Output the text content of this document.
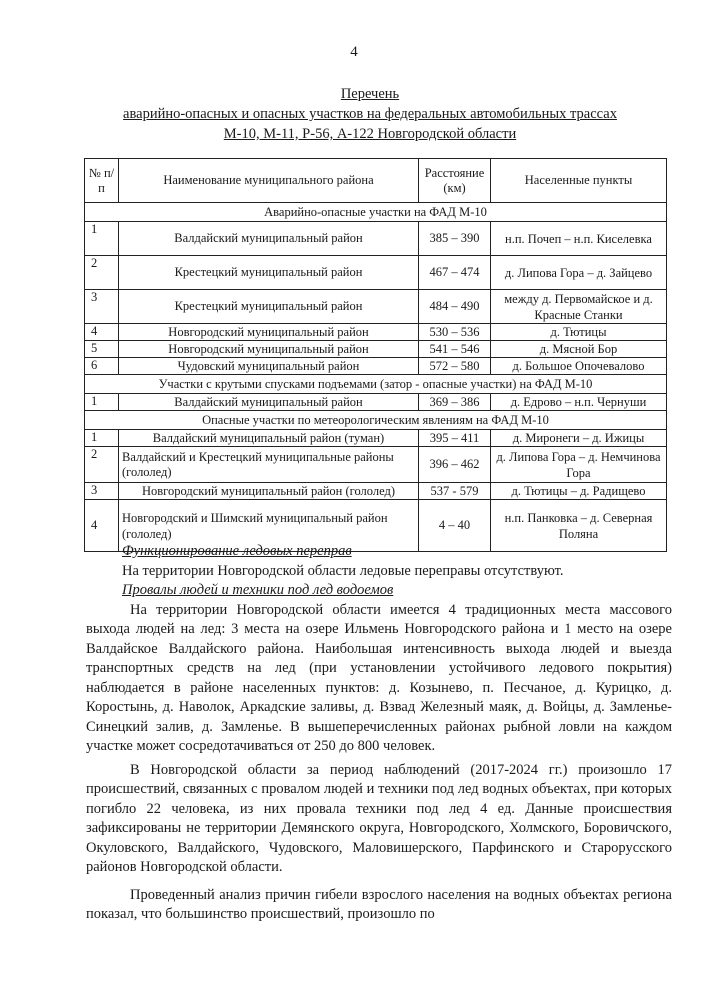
4
Перечень
аварийно-опасных и опасных участков на федеральных автомобильных трассах
М-10, М-11, Р-56, А-122 Новгородской области
№ п/п	Наименование муниципального района	Расстояние (км)	Населенные пункты
Аварийно-опасные участки на ФАД М-10			
1	Валдайский муниципальный район	385 – 390	н.п. Почеп – н.п. Киселевка
2	Крестецкий муниципальный район	467 – 474	д. Липова Гора – д. Зайцево
3	Крестецкий муниципальный район	484 – 490	между д. Первомайское и д. Красные Станки
4	Новгородский муниципальный район	530 – 536	д. Тютицы
5	Новгородский муниципальный район	541 – 546	д. Мясной Бор
6	Чудовский муниципальный район	572 – 580	д. Большое Опочевалово
Участки с крутыми спусками подъемами (затор - опасные участки) на ФАД М-10			
1	Валдайский муниципальный район	369 – 386	д. Едрово – н.п. Чернуши
Опасные участки по метеорологическим явлениям на ФАД М-10			
1	Валдайский муниципальный район (туман)	395 – 411	д. Миронеги – д. Ижицы
2	Валдайский и Крестецкий муниципальные районы (гололед)	396 – 462	д. Липова Гора – д. Немчинова Гора
3	Новгородский муниципальный район (гололед)	537 - 579	д. Тютицы – д. Радищево
4	Новгородский и Шимский муниципальный район (гололед)	4 – 40	н.п. Панковка – д. Северная Поляна
Функционирование ледовых переправ
На территории Новгородской области ледовые переправы отсутствуют.
Провалы людей и техники под лед водоемов

На территории Новгородской области имеется 4 традиционных места массового выхода людей на лед: 3 места на озере Ильмень Новгородского района и 1 место на озере Валдайское Валдайского района. Наибольшая интенсивность выхода людей и выезда транспортных средств на лед (при установлении устойчивого ледового покрытия) наблюдается в районе населенных пунктов: д. Козынево, п. Песчаное, д. Курицко, д. Коростынь, д. Наволок, Аркадские заливы, д. Взвад Железный маяк, д. Войцы, д. Замленье-Синецкий залив, д. Замленье. В вышеперечисленных районах рыбной ловли на каждом участке может сосредотачиваться от 250 до 800 человек.

В Новгородской области за период наблюдений (2017-2024 гг.) произошло 17 происшествий, связанных с провалом людей и техники под лед водных объектах, при которых погибло 22 человека, из них провала техники под лед 4 ед. Данные происшествия зафиксированы не территории Демянского округа, Новгородского, Холмского, Боровичского, Окуловского, Валдайского, Чудовского, Маловишерского, Парфинского и Старорусского районов Новгородской области.

Проведенный анализ причин гибели взрослого населения на водных объектах региона показал, что большинство происшествий, произошло по
